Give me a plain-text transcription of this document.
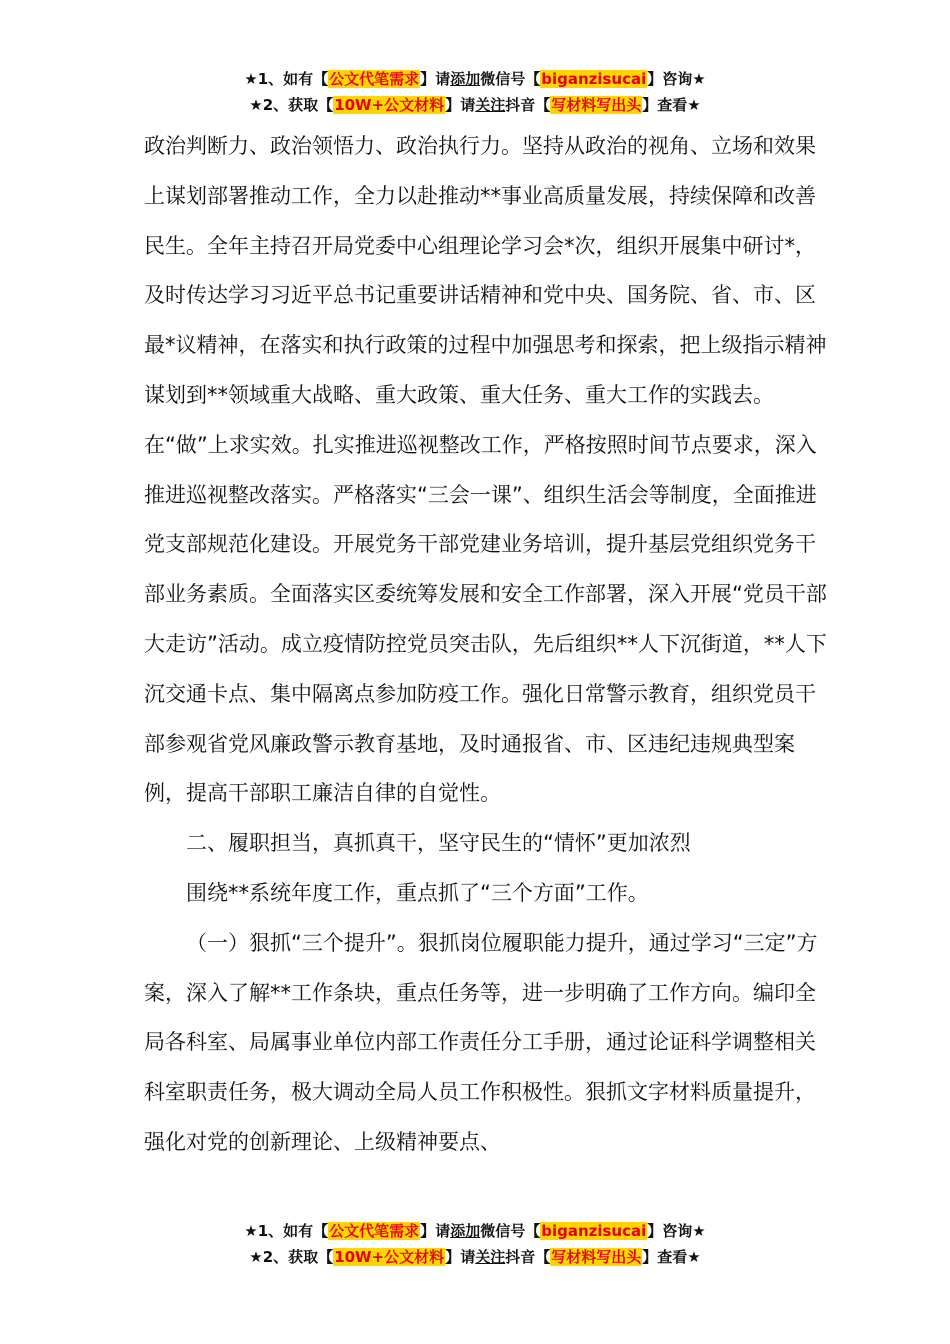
★1、如有【公文代笔需求】请添加微信号【biganzisucai】咨询★
★2、获取【10W+公文材料】请关注抖音【写材料写出头】查看★

政治判断力、政治领悟力、政治执行力。坚持从政治的视角、立场和效果上谋划部署推动工作，全力以赴推动**事业高质量发展，持续保障和改善民生。全年主持召开局党委中心组理论学习会*次，组织开展集中研讨*，及时传达学习习近平总书记重要讲话精神和党中央、国务院、省、市、区最*议精神，在落实和执行政策的过程中加强思考和探索，把上级指示精神谋划到**领域重大战略、重大政策、重大任务、重大工作的实践去。在“做”上求实效。扎实推进巡视整改工作，严格按照时间节点要求，深入推进巡视整改落实。严格落实“三会一课”、组织生活会等制度，全面推进党支部规范化建设。开展党务干部党建业务培训，提升基层党组织党务干部业务素质。全面落实区委统筹发展和安全工作部署，深入开展“党员干部大走访”活动。成立疫情防控党员突击队，先后组织**人下沉街道，**人下沉交通卡点、集中隔离点参加防疫工作。强化日常警示教育，组织党员干部参观省党风廉政警示教育基地，及时通报省、市、区违纪违规典型案例，提高干部职工廉洁自律的自觉性。

二、履职担当，真抓真干，坚守民生的“情怀”更加浓烈

围绕**系统年度工作，重点抓了“三个方面”工作。

（一）狠抓“三个提升”。狠抓岗位履职能力提升，通过学习“三定”方案，深入了解**工作条块，重点任务等，进一步明确了工作方向。编印全局各科室、局属事业单位内部工作责任分工手册，通过论证科学调整相关科室职责任务，极大调动全局人员工作积极性。狠抓文字材料质量提升，强化对党的创新理论、上级精神要点、

★1、如有【公文代笔需求】请添加微信号【biganzisucai】咨询★
★2、获取【10W+公文材料】请关注抖音【写材料写出头】查看★
